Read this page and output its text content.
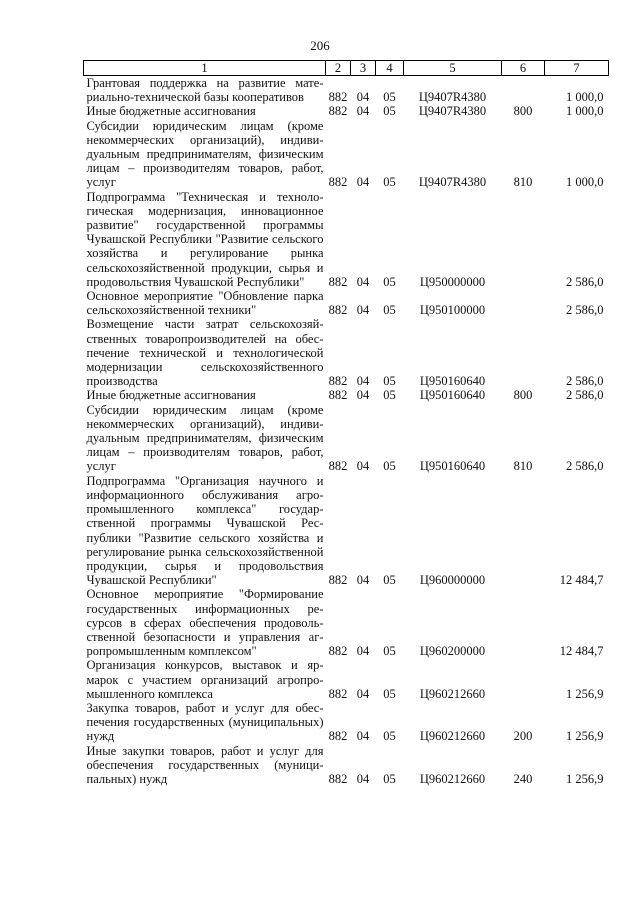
206
1	2	3	4	5	6	7
Грантовая поддержка на развитие материально-технической базы кооперативов	882	04	05	Ц9407R4380		1 000,0
Иные бюджетные ассигнования	882	04	05	Ц9407R4380	800	1 000,0
Субсидии юридическим лицам (кроме некоммерческих организаций), индивидуальным предпринимателям, физическим лицам – производителям товаров, работ, услуг	882	04	05	Ц9407R4380	810	1 000,0
Подпрограмма "Техническая и технологическая модернизация, инновационное развитие" государственной программы Чувашской Республики "Развитие сельского хозяйства и регулирование рынка сельскохозяйственной продукции, сырья и продовольствия Чувашской Республики"	882	04	05	Ц950000000		2 586,0
Основное мероприятие "Обновление парка сельскохозяйственной техники"	882	04	05	Ц950100000		2 586,0
Возмещение части затрат сельскохозяйственных товаропроизводителей на обеспечение технической и технологической модернизации сельскохозяйственного производства	882	04	05	Ц950160640		2 586,0
Иные бюджетные ассигнования	882	04	05	Ц950160640	800	2 586,0
Субсидии юридическим лицам (кроме некоммерческих организаций), индивидуальным предпринимателям, физическим лицам – производителям товаров, работ, услуг	882	04	05	Ц950160640	810	2 586,0
Подпрограмма "Организация научного и информационного обслуживания агропромышленного комплекса" государственной программы Чувашской Республики "Развитие сельского хозяйства и регулирование рынка сельскохозяйственной продукции, сырья и продовольствия Чувашской Республики"	882	04	05	Ц960000000		12 484,7
Основное мероприятие "Формирование государственных информационных ресурсов в сферах обеспечения продовольственной безопасности и управления агропромышленным комплексом"	882	04	05	Ц960200000		12 484,7
Организация конкурсов, выставок и ярмарок с участием организаций агропромышленного комплекса	882	04	05	Ц960212660		1 256,9
Закупка товаров, работ и услуг для обеспечения государственных (муниципальных) нужд	882	04	05	Ц960212660	200	1 256,9
Иные закупки товаров, работ и услуг для обеспечения государственных (муниципальных) нужд	882	04	05	Ц960212660	240	1 256,9
